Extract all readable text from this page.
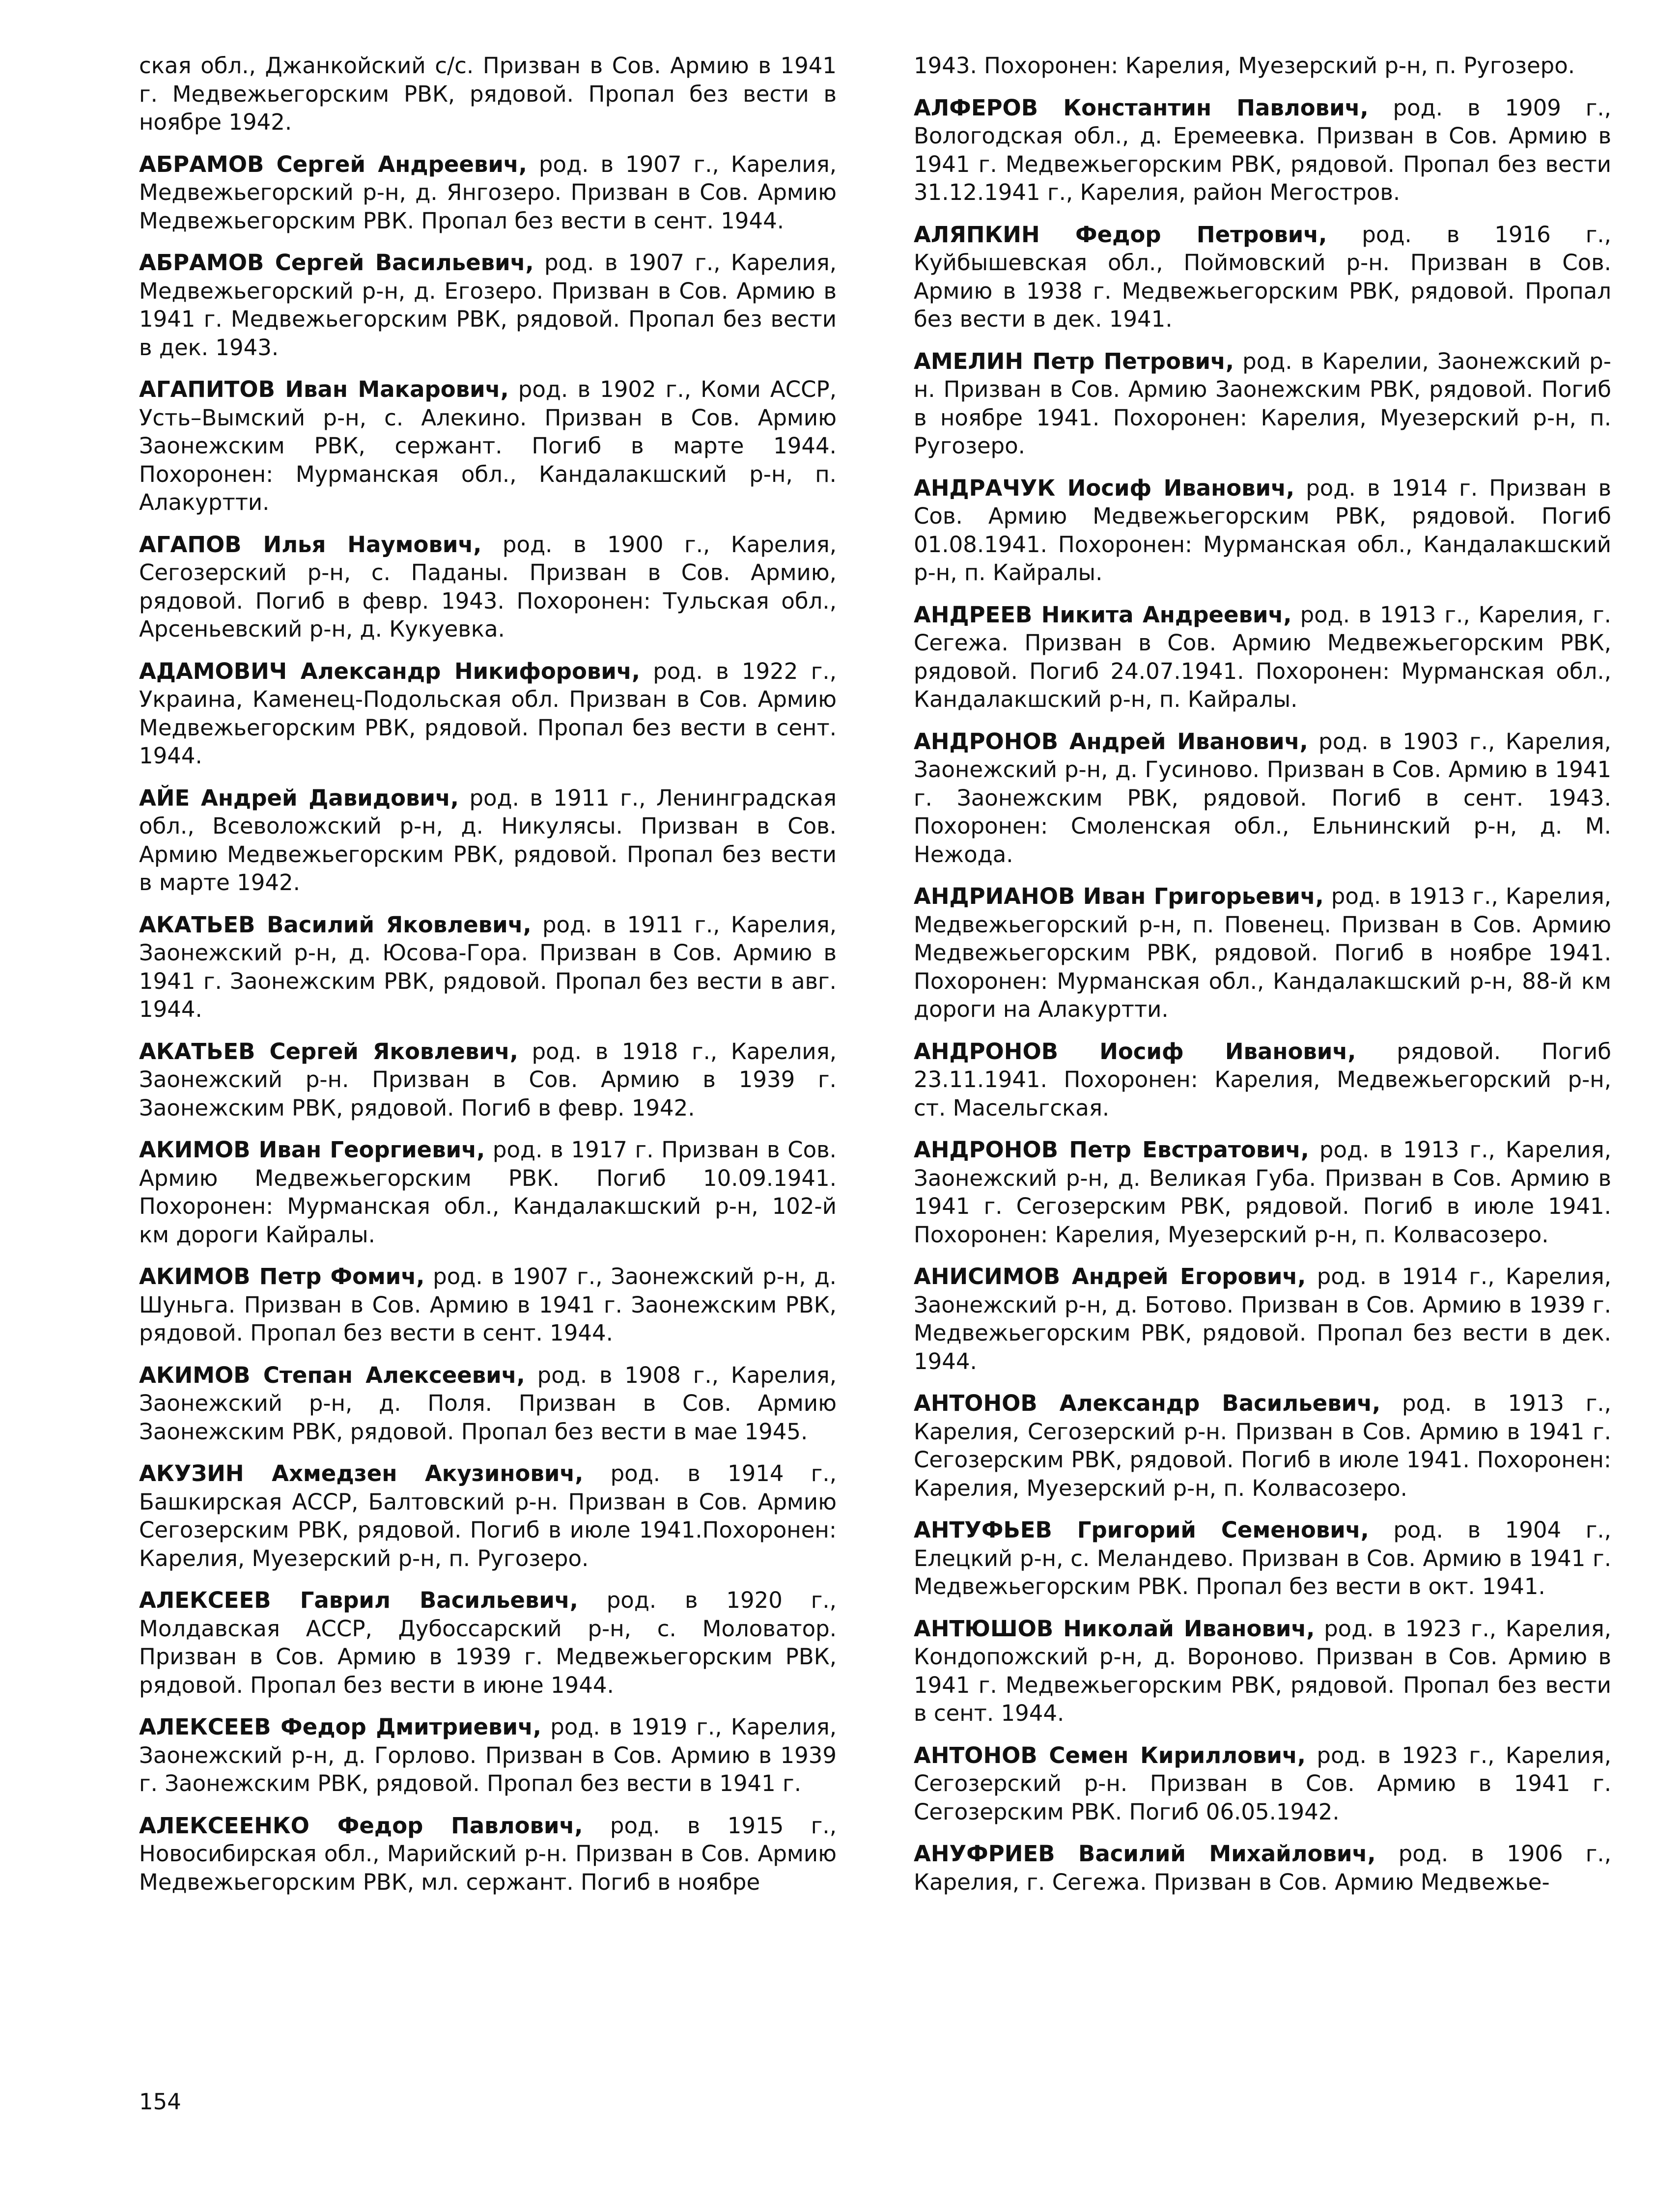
ская обл., Джанкойский с/с. Призван в Сов. Армию в 1941 г. Медвежьегорским РВК, рядовой. Пропал без вести в ноябре 1942.

АБРАМОВ Сергей Андреевич, род. в 1907 г., Карелия, Медвежьегорский р-н, д. Янгозеро. Призван в Сов. Армию Медвежьегорским РВК. Пропал без вести в сент. 1944.

АБРАМОВ Сергей Васильевич, род. в 1907 г., Карелия, Медвежьегорский р-н, д. Егозеро. Призван в Сов. Армию в 1941 г. Медвежьегорским РВК, рядовой. Пропал без вести в дек. 1943.

АГАПИТОВ Иван Макарович, род. в 1902 г., Коми АССР, Усть–Вымский р-н, с. Алекино. Призван в Сов. Армию Заонежским РВК, сержант. Погиб в марте 1944. Похоронен: Мурманская обл., Кандалакшский р-н, п. Алакуртти.

АГАПОВ Илья Наумович, род. в 1900 г., Карелия, Сегозерский р-н, с. Паданы. Призван в Сов. Армию, рядовой. Погиб в февр. 1943. Похоронен: Тульская обл., Арсеньевский р-н, д. Кукуевка.

АДАМОВИЧ Александр Никифорович, род. в 1922 г., Украина, Каменец-Подольская обл. Призван в Сов. Армию Медвежьегорским РВК, рядовой. Пропал без вести в сент. 1944.

АЙЕ Андрей Давидович, род. в 1911 г., Ленинградская обл., Всеволожский р-н, д. Никулясы. Призван в Сов. Армию Медвежьегорским РВК, рядовой. Пропал без вести в марте 1942.

АКАТЬЕВ Василий Яковлевич, род. в 1911 г., Карелия, Заонежский р-н, д. Юсова-Гора. Призван в Сов. Армию в 1941 г. Заонежским РВК, рядовой. Пропал без вести в авг. 1944.

АКАТЬЕВ Сергей Яковлевич, род. в 1918 г., Карелия, Заонежский р-н. Призван в Сов. Армию в 1939 г. Заонежским РВК, рядовой. Погиб в февр. 1942.

АКИМОВ Иван Георгиевич, род. в 1917 г. Призван в Сов. Армию Медвежьегорским РВК. Погиб 10.09.1941. Похоронен: Мурманская обл., Кандалакшский р-н, 102-й км дороги Кайралы.

АКИМОВ Петр Фомич, род. в 1907 г., Заонежский р-н, д. Шуньга. Призван в Сов. Армию в 1941 г. Заонежским РВК, рядовой. Пропал без вести в сент. 1944.

АКИМОВ Степан Алексеевич, род. в 1908 г., Карелия, Заонежский р-н, д. Поля. Призван в Сов. Армию Заонежским РВК, рядовой. Пропал без вести в мае 1945.

АКУЗИН Ахмедзен Акузинович, род. в 1914 г., Башкирская АССР, Балтовский р-н. Призван в Сов. Армию Сегозерским РВК, рядовой. Погиб в июле 1941.Похоронен: Карелия, Муезерский р-н, п. Ругозеро.

АЛЕКСЕЕВ Гаврил Васильевич, род. в 1920 г., Молдавская АССР, Дубоссарский р-н, с. Моловатор. Призван в Сов. Армию в 1939 г. Медвежьегорским РВК, рядовой. Пропал без вести в июне 1944.

АЛЕКСЕЕВ Федор Дмитриевич, род. в 1919 г., Карелия, Заонежский р-н, д. Горлово. Призван в Сов. Армию в 1939 г. Заонежским РВК, рядовой. Пропал без вести в 1941 г.

АЛЕКСЕЕНКО Федор Павлович, род. в 1915 г., Новосибирская обл., Марийский р-н. Призван в Сов. Армию Медвежьегорским РВК, мл. сержант. Погиб в ноябре

1943. Похоронен: Карелия, Муезерский р-н, п. Ругозеро.

АЛФЕРОВ Константин Павлович, род. в 1909 г., Вологодская обл., д. Еремеевка. Призван в Сов. Армию в 1941 г. Медвежьегорским РВК, рядовой. Пропал без вести 31.12.1941 г., Карелия, район Мегостров.

АЛЯПКИН Федор Петрович, род. в 1916 г., Куйбышевская обл., Поймовский р-н. Призван в Сов. Армию в 1938 г. Медвежьегорским РВК, рядовой. Пропал без вести в дек. 1941.

АМЕЛИН Петр Петрович, род. в Карелии, Заонежский р-н. Призван в Сов. Армию Заонежским РВК, рядовой. Погиб в ноябре 1941. Похоронен: Карелия, Муезерский р-н, п. Ругозеро.

АНДРАЧУК Иосиф Иванович, род. в 1914 г. Призван в Сов. Армию Медвежьегорским РВК, рядовой. Погиб 01.08.1941. Похоронен: Мурманская обл., Кандалакшский р-н, п. Кайралы.

АНДРЕЕВ Никита Андреевич, род. в 1913 г., Карелия, г. Сегежа. Призван в Сов. Армию Медвежьегорским РВК, рядовой. Погиб 24.07.1941. Похоронен: Мурманская обл., Кандалакшский р-н, п. Кайралы.

АНДРОНОВ Андрей Иванович, род. в 1903 г., Карелия, Заонежский р-н, д. Гусиново. Призван в Сов. Армию в 1941 г. Заонежским РВК, рядовой. Погиб в сент. 1943. Похоронен: Смоленская обл., Ельнинский р-н, д. М. Нежода.

АНДРИАНОВ Иван Григорьевич, род. в 1913 г., Карелия, Медвежьегорский р-н, п. Повенец. Призван в Сов. Армию Медвежьегорским РВК, рядовой. Погиб в ноябре 1941. Похоронен: Мурманская обл., Кандалакшский р-н, 88-й км дороги на Алакуртти.

АНДРОНОВ Иосиф Иванович, рядовой. Погиб 23.11.1941. Похоронен: Карелия, Медвежьегорский р-н, ст. Масельгская.

АНДРОНОВ Петр Евстратович, род. в 1913 г., Карелия, Заонежский р-н, д. Великая Губа. Призван в Сов. Армию в 1941 г. Сегозерским РВК, рядовой. Погиб в июле 1941. Похоронен: Карелия, Муезерский р-н, п. Колвасозеро.

АНИСИМОВ Андрей Егорович, род. в 1914 г., Карелия, Заонежский р-н, д. Ботово. Призван в Сов. Армию в 1939 г. Медвежьегорским РВК, рядовой. Пропал без вести в дек. 1944.

АНТОНОВ Александр Васильевич, род. в 1913 г., Карелия, Сегозерский р-н. Призван в Сов. Армию в 1941 г. Сегозерским РВК, рядовой. Погиб в июле 1941. Похоронен: Карелия, Муезерский р-н, п. Колвасозеро.

АНТУФЬЕВ Григорий Семенович, род. в 1904 г., Елецкий р-н, с. Меландево. Призван в Сов. Армию в 1941 г. Медвежьегорским РВК. Пропал без вести в окт. 1941.

АНТЮШОВ Николай Иванович, род. в 1923 г., Карелия, Кондопожский р-н, д. Вороново. Призван в Сов. Армию в 1941 г. Медвежьегорским РВК, рядовой. Пропал без вести в сент. 1944.

АНТОНОВ Семен Кириллович, род. в 1923 г., Карелия, Сегозерский р-н. Призван в Сов. Армию в 1941 г. Сегозерским РВК. Погиб 06.05.1942.

АНУФРИЕВ Василий Михайлович, род. в 1906 г., Карелия, г. Сегежа. Призван в Сов. Армию Медвежье-

154
